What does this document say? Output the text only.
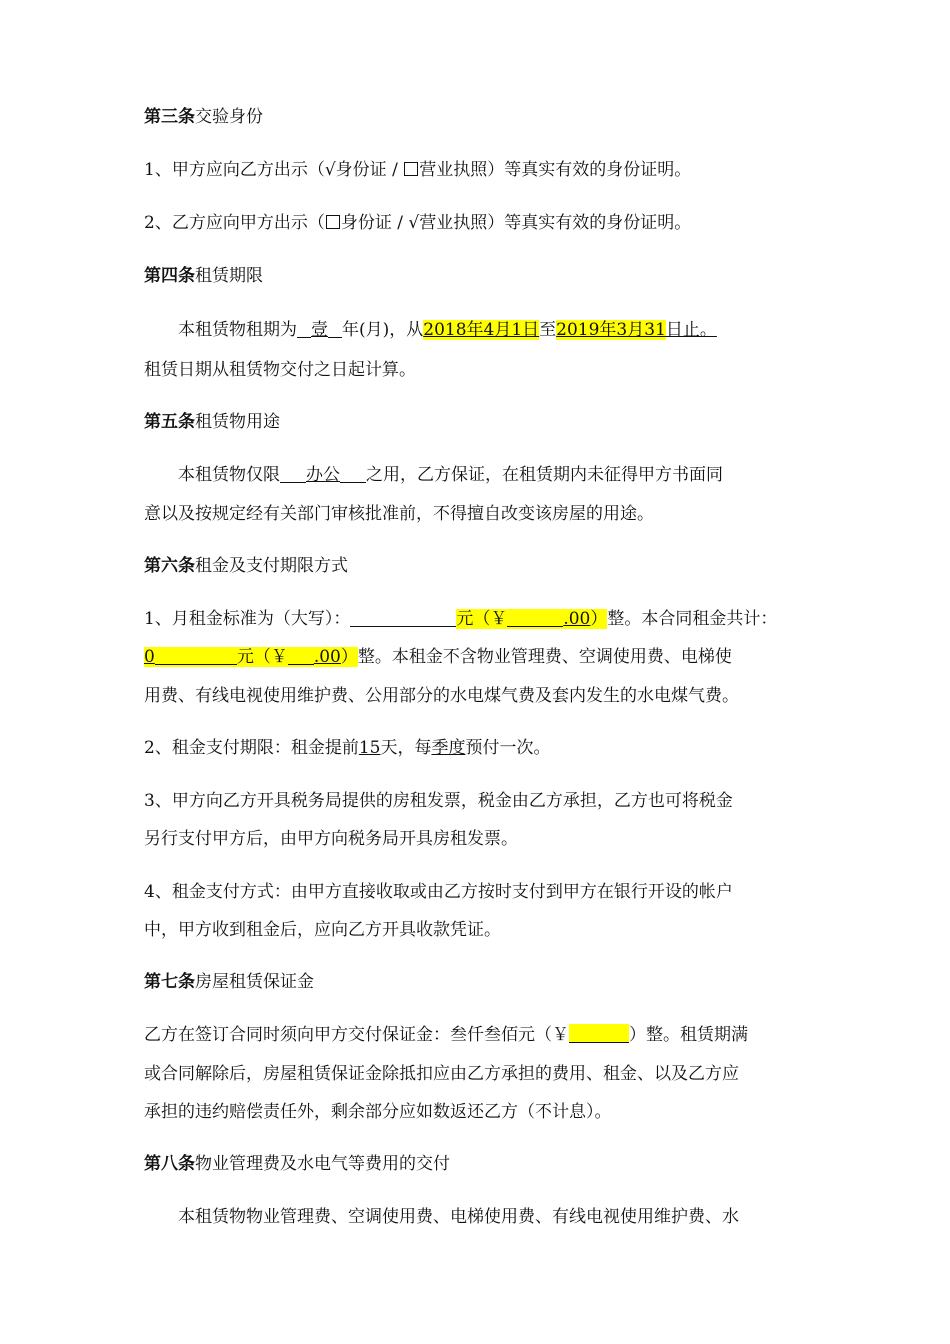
第三条交验身份
1、甲方应向乙方出示（√身份证 / 营业执照）等真实有效的身份证明。
2、乙方应向甲方出示（ 身份证 / √营业执照）等真实有效的身份证明。
第四条租赁期限
本租赁物租期为 壹 年(月)，从2018年4月1日至2019年3月31日止。
租赁日期从租赁物交付之日起计算。
第五条租赁物用途
本租赁物仅限 办公 之用，乙方保证，在租赁期内未征得甲方书面同
意以及按规定经有关部门审核批准前，不得擅自改变该房屋的用途。
第六条租金及支付期限方式
1、月租金标准为（大写）：	元（￥	.00）整。本合同租金共计：
0	元（￥ .00）整。本租金不含物业管理费、空调使用费、电梯使
用费、有线电视使用维护费、公用部分的水电煤气费及套内发生的水电煤气费。
2、租金支付期限：租金提前15天，每季度预付一次。
3、甲方向乙方开具税务局提供的房租发票，税金由乙方承担，乙方也可将税金
另行支付甲方后，由甲方向税务局开具房租发票。
4、租金支付方式：由甲方直接收取或由乙方按时支付到甲方在银行开设的帐户
中，甲方收到租金后，应向乙方开具收款凭证。
第七条房屋租赁保证金
乙方在签订合同时须向甲方交付保证金：叁仟叁佰元（￥	）整。租赁期满
或合同解除后，房屋租赁保证金除抵扣应由乙方承担的费用、租金、以及乙方应
承担的违约赔偿责任外，剩余部分应如数返还乙方（不计息）。
第八条物业管理费及水电气等费用的交付
本租赁物物业管理费、空调使用费、电梯使用费、有线电视使用维护费、水
